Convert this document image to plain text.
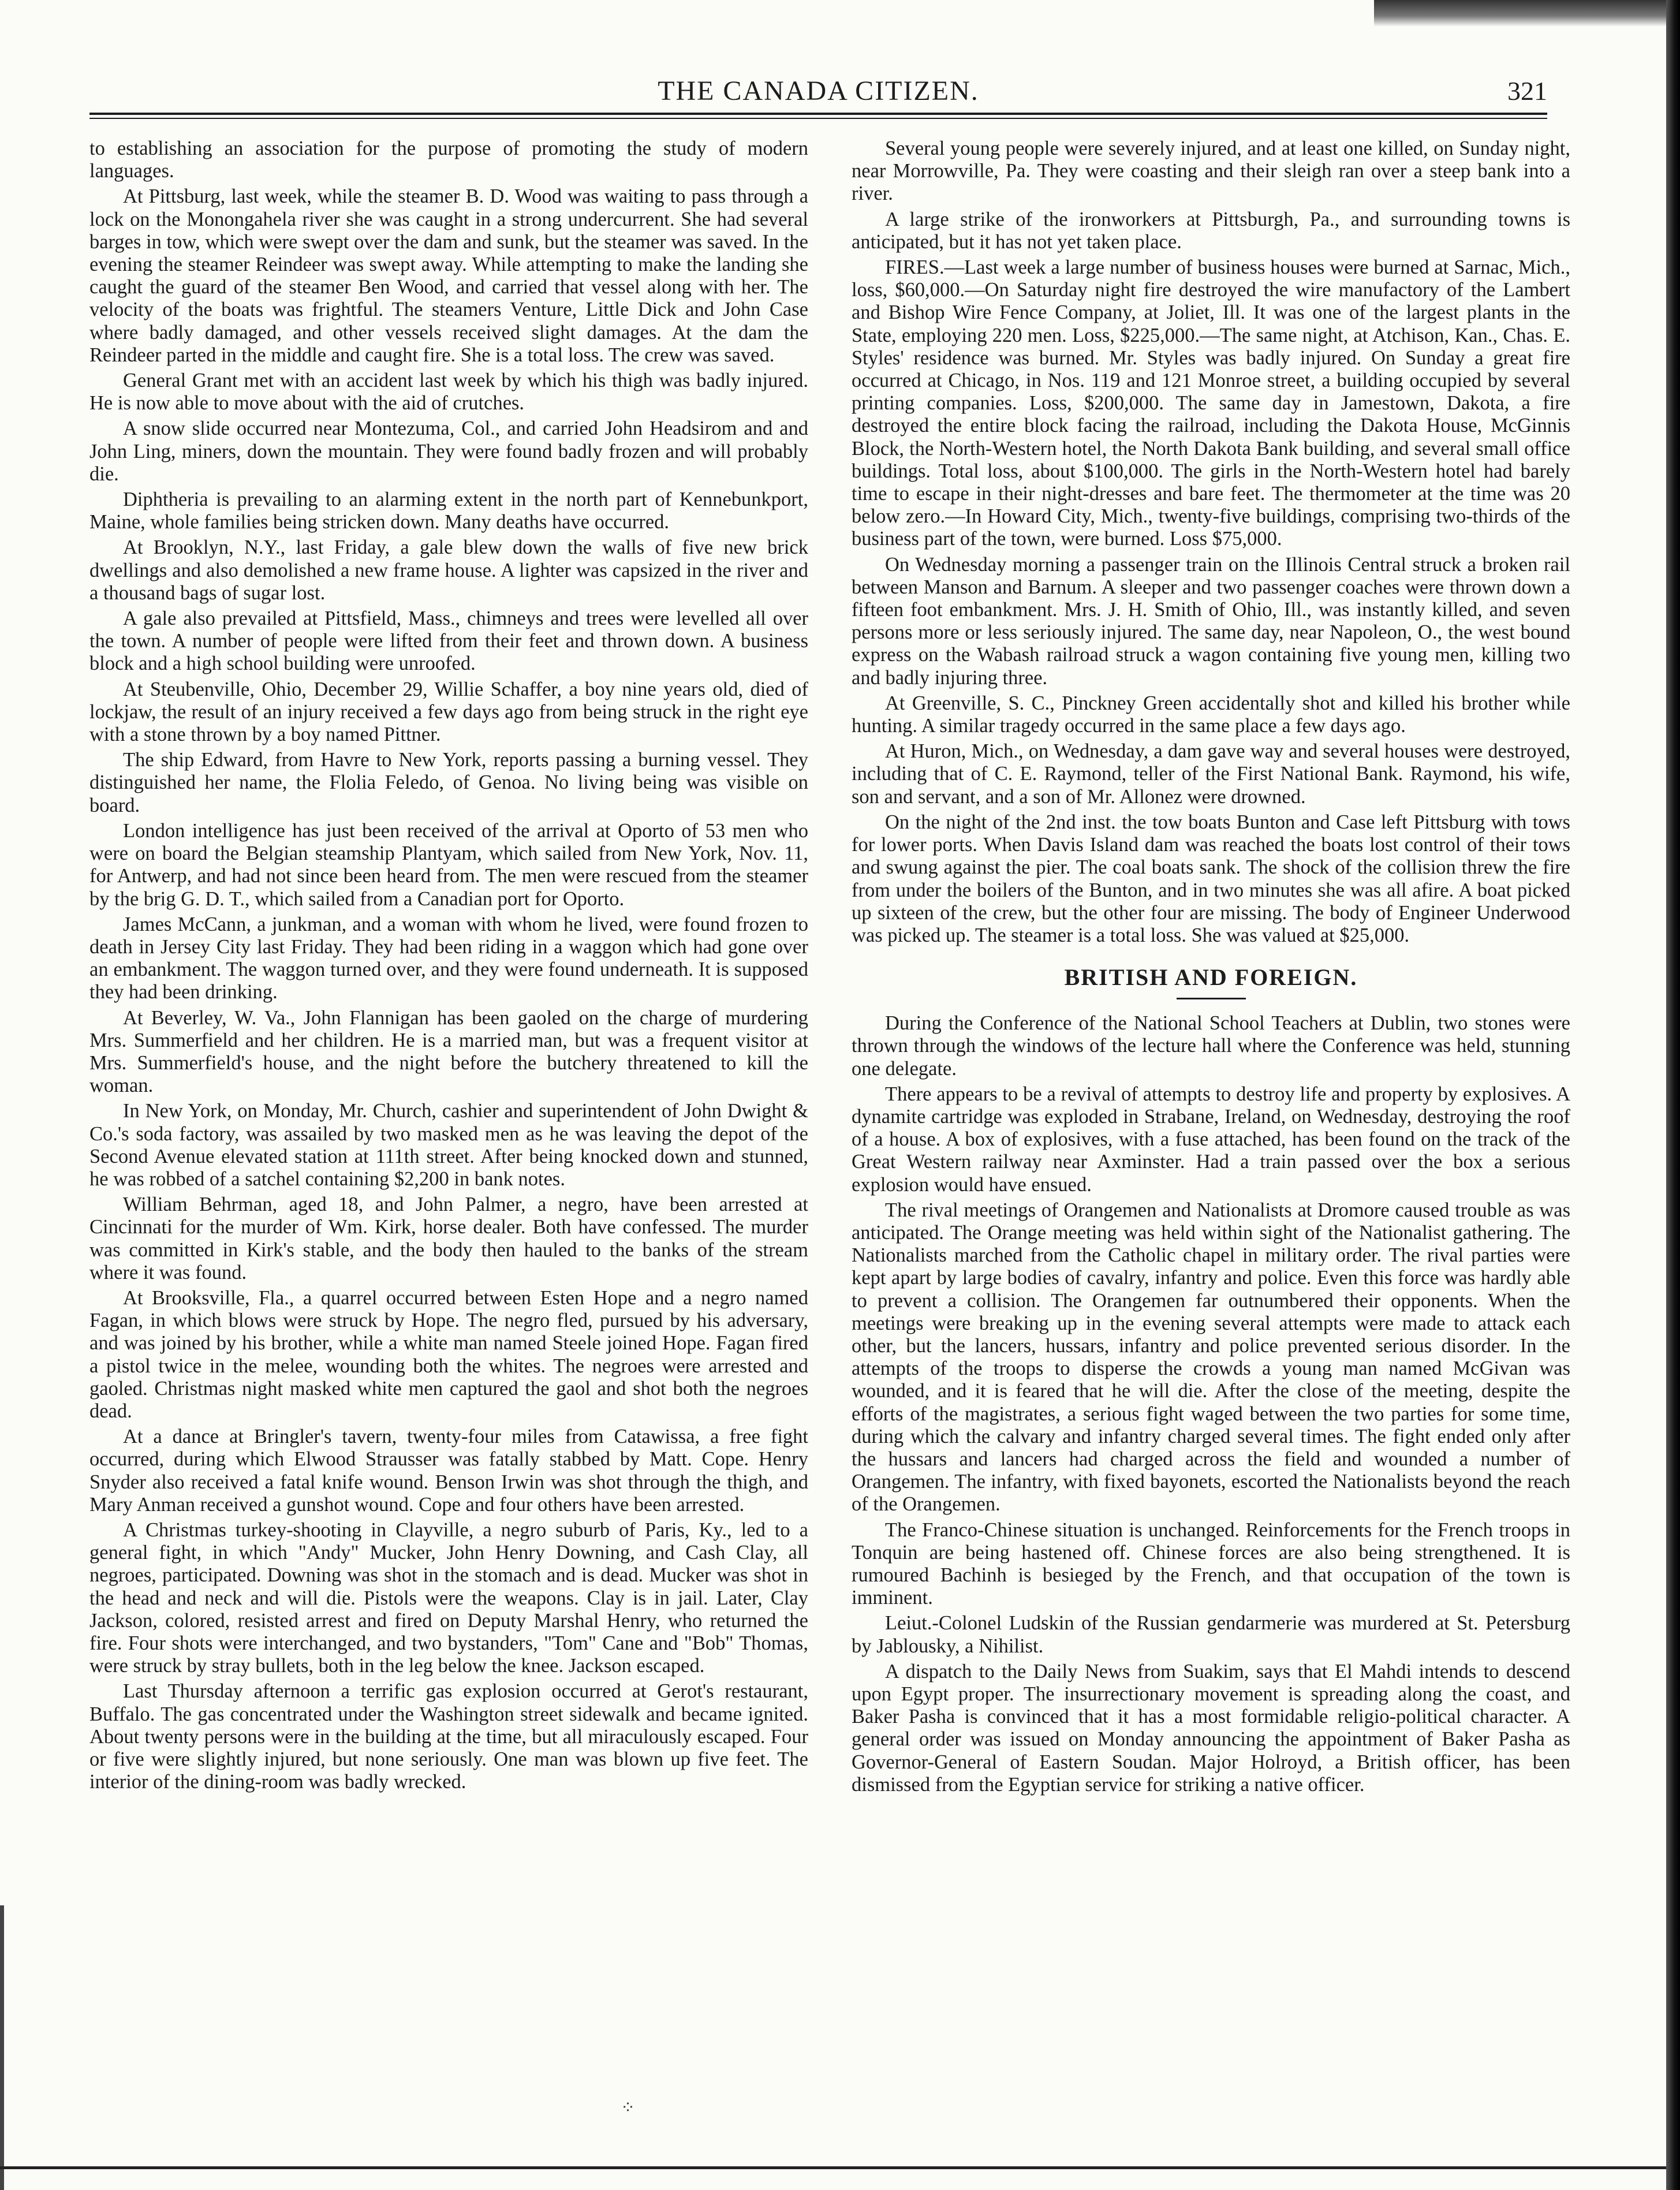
THE CANADA CITIZEN.	321

to establishing an association for the purpose of promoting the study of modern languages.

At Pittsburg, last week, while the steamer B. D. Wood was waiting to pass through a lock on the Monongahela river she was caught in a strong undercurrent. She had several barges in tow, which were swept over the dam and sunk, but the steamer was saved. In the evening the steamer Reindeer was swept away. While attempting to make the landing she caught the guard of the steamer Ben Wood, and carried that vessel along with her. The velocity of the boats was frightful. The steamers Venture, Little Dick and John Case where badly damaged, and other vessels received slight damages. At the dam the Reindeer parted in the middle and caught fire. She is a total loss. The crew was saved.

General Grant met with an accident last week by which his thigh was badly injured. He is now able to move about with the aid of crutches.

A snow slide occurred near Montezuma, Col., and carried John Headsirom and and John Ling, miners, down the mountain. They were found badly frozen and will probably die.

Diphtheria is prevailing to an alarming extent in the north part of Kennebunkport, Maine, whole families being stricken down. Many deaths have occurred.

At Brooklyn, N.Y., last Friday, a gale blew down the walls of five new brick dwellings and also demolished a new frame house. A lighter was capsized in the river and a thousand bags of sugar lost.

A gale also prevailed at Pittsfield, Mass., chimneys and trees were levelled all over the town. A number of people were lifted from their feet and thrown down. A business block and a high school building were unroofed.

At Steubenville, Ohio, December 29, Willie Schaffer, a boy nine years old, died of lockjaw, the result of an injury received a few days ago from being struck in the right eye with a stone thrown by a boy named Pittner.

The ship Edward, from Havre to New York, reports passing a burning vessel. They distinguished her name, the Flolia Feledo, of Genoa. No living being was visible on board.

London intelligence has just been received of the arrival at Oporto of 53 men who were on board the Belgian steamship Plantyam, which sailed from New York, Nov. 11, for Antwerp, and had not since been heard from. The men were rescued from the steamer by the brig G. D. T., which sailed from a Canadian port for Oporto.

James McCann, a junkman, and a woman with whom he lived, were found frozen to death in Jersey City last Friday. They had been riding in a waggon which had gone over an embankment. The waggon turned over, and they were found underneath. It is supposed they had been drinking.

At Beverley, W. Va., John Flannigan has been gaoled on the charge of murdering Mrs. Summerfield and her children. He is a married man, but was a frequent visitor at Mrs. Summerfield's house, and the night before the butchery threatened to kill the woman.

In New York, on Monday, Mr. Church, cashier and superintendent of John Dwight & Co.'s soda factory, was assailed by two masked men as he was leaving the depot of the Second Avenue elevated station at 111th street. After being knocked down and stunned, he was robbed of a satchel containing $2,200 in bank notes.

William Behrman, aged 18, and John Palmer, a negro, have been arrested at Cincinnati for the murder of Wm. Kirk, horse dealer. Both have confessed. The murder was committed in Kirk's stable, and the body then hauled to the banks of the stream where it was found.

At Brooksville, Fla., a quarrel occurred between Esten Hope and a negro named Fagan, in which blows were struck by Hope. The negro fled, pursued by his adversary, and was joined by his brother, while a white man named Steele joined Hope. Fagan fired a pistol twice in the melee, wounding both the whites. The negroes were arrested and gaoled. Christmas night masked white men captured the gaol and shot both the negroes dead.

At a dance at Bringler's tavern, twenty-four miles from Catawissa, a free fight occurred, during which Elwood Strausser was fatally stabbed by Matt. Cope. Henry Snyder also received a fatal knife wound. Benson Irwin was shot through the thigh, and Mary Anman received a gunshot wound. Cope and four others have been arrested.

A Christmas turkey-shooting in Clayville, a negro suburb of Paris, Ky., led to a general fight, in which "Andy" Mucker, John Henry Downing, and Cash Clay, all negroes, participated. Downing was shot in the stomach and is dead. Mucker was shot in the head and neck and will die. Pistols were the weapons. Clay is in jail. Later, Clay Jackson, colored, resisted arrest and fired on Deputy Marshal Henry, who returned the fire. Four shots were interchanged, and two bystanders, "Tom" Cane and "Bob" Thomas, were struck by stray bullets, both in the leg below the knee. Jackson escaped.

Last Thursday afternoon a terrific gas explosion occurred at Gerot's restaurant, Buffalo. The gas concentrated under the Washington street sidewalk and became ignited. About twenty persons were in the building at the time, but all miraculously escaped. Four or five were slightly injured, but none seriously. One man was blown up five feet. The interior of the dining-room was badly wrecked.

Several young people were severely injured, and at least one killed, on Sunday night, near Morrowville, Pa. They were coasting and their sleigh ran over a steep bank into a river.

A large strike of the ironworkers at Pittsburgh, Pa., and surrounding towns is anticipated, but it has not yet taken place.

FIRES.—Last week a large number of business houses were burned at Sarnac, Mich., loss, $60,000.—On Saturday night fire destroyed the wire manufactory of the Lambert and Bishop Wire Fence Company, at Joliet, Ill. It was one of the largest plants in the State, employing 220 men. Loss, $225,000.—The same night, at Atchison, Kan., Chas. E. Styles' residence was burned. Mr. Styles was badly injured. On Sunday a great fire occurred at Chicago, in Nos. 119 and 121 Monroe street, a building occupied by several printing companies. Loss, $200,000. The same day in Jamestown, Dakota, a fire destroyed the entire block facing the railroad, including the Dakota House, McGinnis Block, the North-Western hotel, the North Dakota Bank building, and several small office buildings. Total loss, about $100,000. The girls in the North-Western hotel had barely time to escape in their night-dresses and bare feet. The thermometer at the time was 20 below zero.—In Howard City, Mich., twenty-five buildings, comprising two-thirds of the business part of the town, were burned. Loss $75,000.

On Wednesday morning a passenger train on the Illinois Central struck a broken rail between Manson and Barnum. A sleeper and two passenger coaches were thrown down a fifteen foot embankment. Mrs. J. H. Smith of Ohio, Ill., was instantly killed, and seven persons more or less seriously injured. The same day, near Napoleon, O., the west bound express on the Wabash railroad struck a wagon containing five young men, killing two and badly injuring three.

At Greenville, S. C., Pinckney Green accidentally shot and killed his brother while hunting. A similar tragedy occurred in the same place a few days ago.

At Huron, Mich., on Wednesday, a dam gave way and several houses were destroyed, including that of C. E. Raymond, teller of the First National Bank. Raymond, his wife, son and servant, and a son of Mr. Allonez were drowned.

On the night of the 2nd inst. the tow boats Bunton and Case left Pittsburg with tows for lower ports. When Davis Island dam was reached the boats lost control of their tows and swung against the pier. The coal boats sank. The shock of the collision threw the fire from under the boilers of the Bunton, and in two minutes she was all afire. A boat picked up sixteen of the crew, but the other four are missing. The body of Engineer Underwood was picked up. The steamer is a total loss. She was valued at $25,000.

BRITISH AND FOREIGN.

During the Conference of the National School Teachers at Dublin, two stones were thrown through the windows of the lecture hall where the Conference was held, stunning one delegate.

There appears to be a revival of attempts to destroy life and property by explosives. A dynamite cartridge was exploded in Strabane, Ireland, on Wednesday, destroying the roof of a house. A box of explosives, with a fuse attached, has been found on the track of the Great Western railway near Axminster. Had a train passed over the box a serious explosion would have ensued.

The rival meetings of Orangemen and Nationalists at Dromore caused trouble as was anticipated. The Orange meeting was held within sight of the Nationalist gathering. The Nationalists marched from the Catholic chapel in military order. The rival parties were kept apart by large bodies of cavalry, infantry and police. Even this force was hardly able to prevent a collision. The Orangemen far outnumbered their opponents. When the meetings were breaking up in the evening several attempts were made to attack each other, but the lancers, hussars, infantry and police prevented serious disorder. In the attempts of the troops to disperse the crowds a young man named McGivan was wounded, and it is feared that he will die. After the close of the meeting, despite the efforts of the magistrates, a serious fight waged between the two parties for some time, during which the calvary and infantry charged several times. The fight ended only after the hussars and lancers had charged across the field and wounded a number of Orangemen. The infantry, with fixed bayonets, escorted the Nationalists beyond the reach of the Orangemen.

The Franco-Chinese situation is unchanged. Reinforcements for the French troops in Tonquin are being hastened off. Chinese forces are also being strengthened. It is rumoured Bachinh is besieged by the French, and that occupation of the town is imminent.

Leiut.-Colonel Ludskin of the Russian gendarmerie was murdered at St. Petersburg by Jablousky, a Nihilist.

A dispatch to the Daily News from Suakim, says that El Mahdi intends to descend upon Egypt proper. The insurrectionary movement is spreading along the coast, and Baker Pasha is convinced that it has a most formidable religio-political character. A general order was issued on Monday announcing the appointment of Baker Pasha as Governor-General of Eastern Soudan. Major Holroyd, a British officer, has been dismissed from the Egyptian service for striking a native officer.

⁘
